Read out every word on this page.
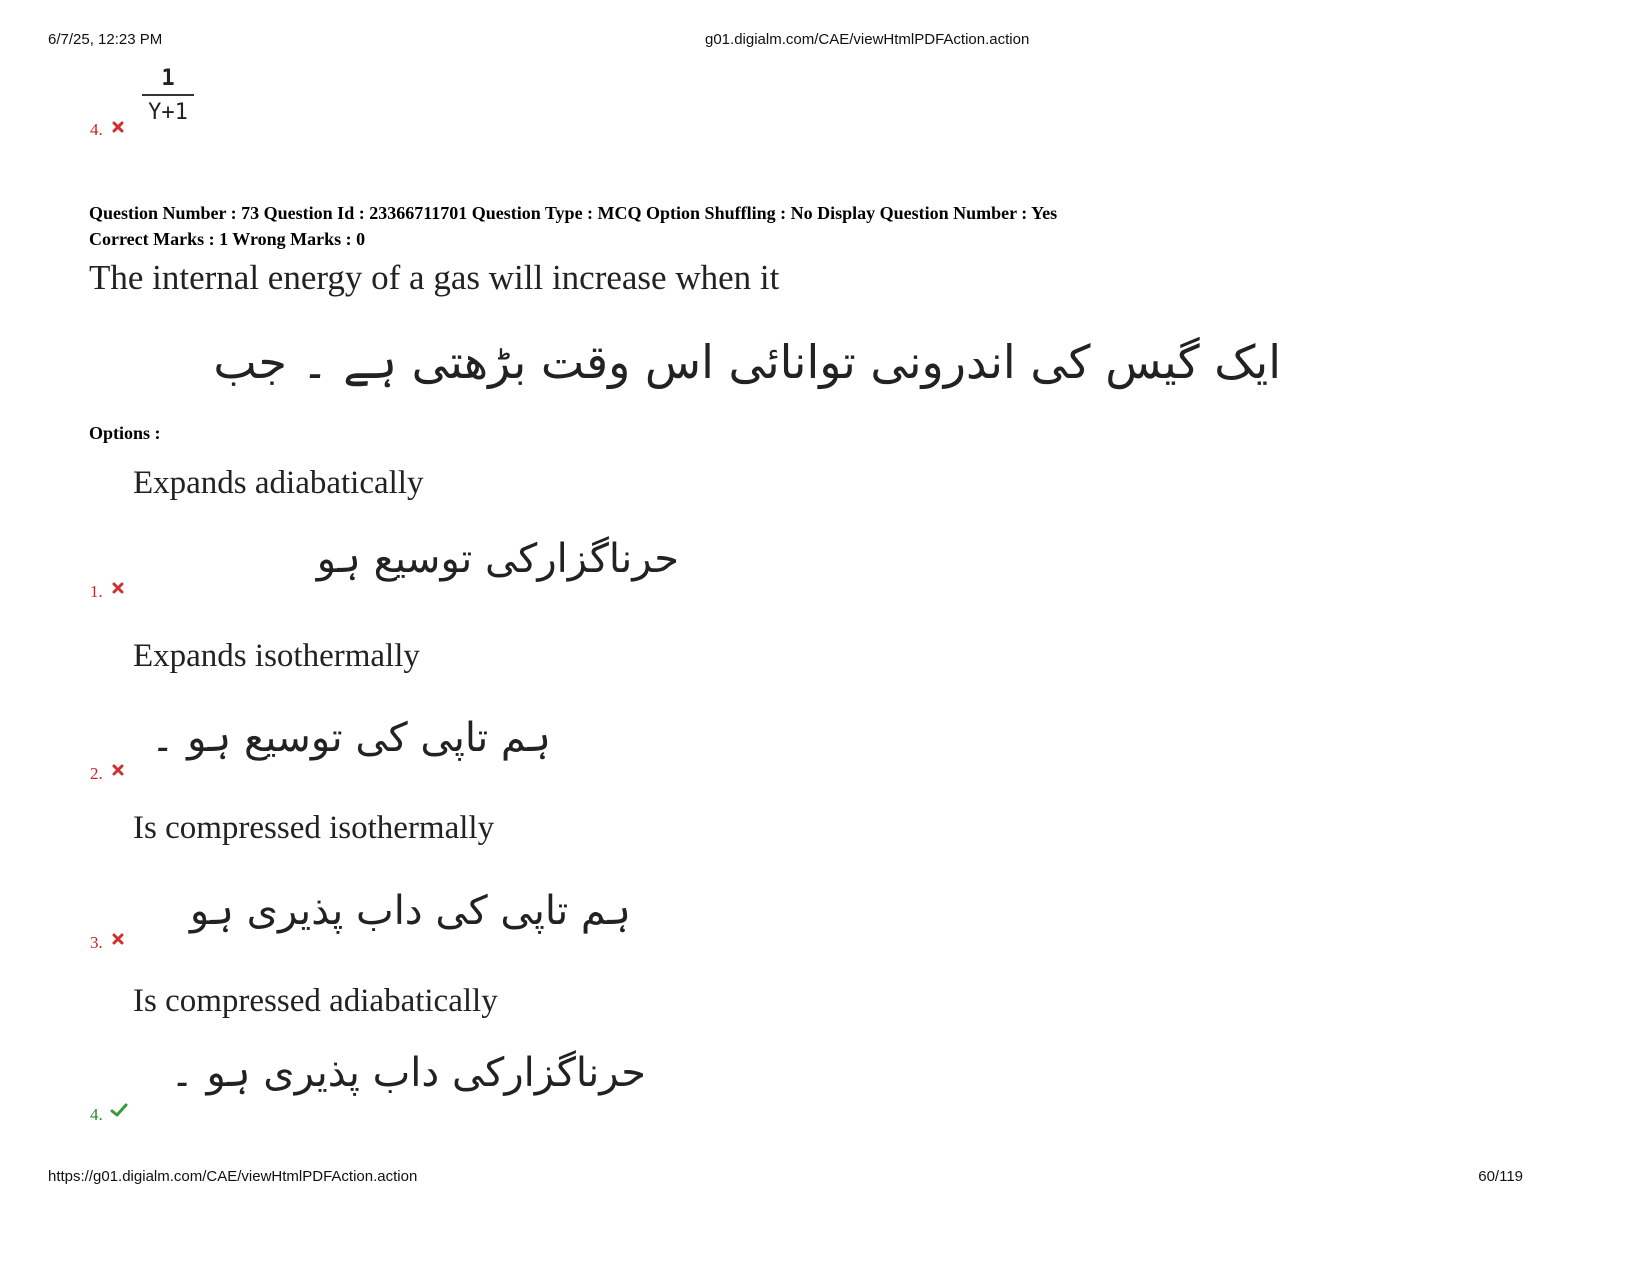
6/7/25, 12:23 PM	g01.digialm.com/CAE/viewHtmlPDFAction.action
4.
1
Y+1
Question Number : 73 Question Id : 23366711701 Question Type : MCQ Option Shuffling : No Display Question Number : Yes
Correct Marks : 1 Wrong Marks : 0
The internal energy of a gas will increase when it
ایک گیس کی اندرونی توانائی اس وقت بڑھتی ہے ۔ جب
Options :
Expands adiabatically
حرناگزارکی توسیع ہو
1.
Expands isothermally
ہم تاپی کی توسیع ہو ۔
2.
Is compressed isothermally
ہم تاپی کی داب پذیری ہو
3.
Is compressed adiabatically
حرناگزارکی داب پذیری ہو ۔
4.
https://g01.digialm.com/CAE/viewHtmlPDFAction.action	60/119
